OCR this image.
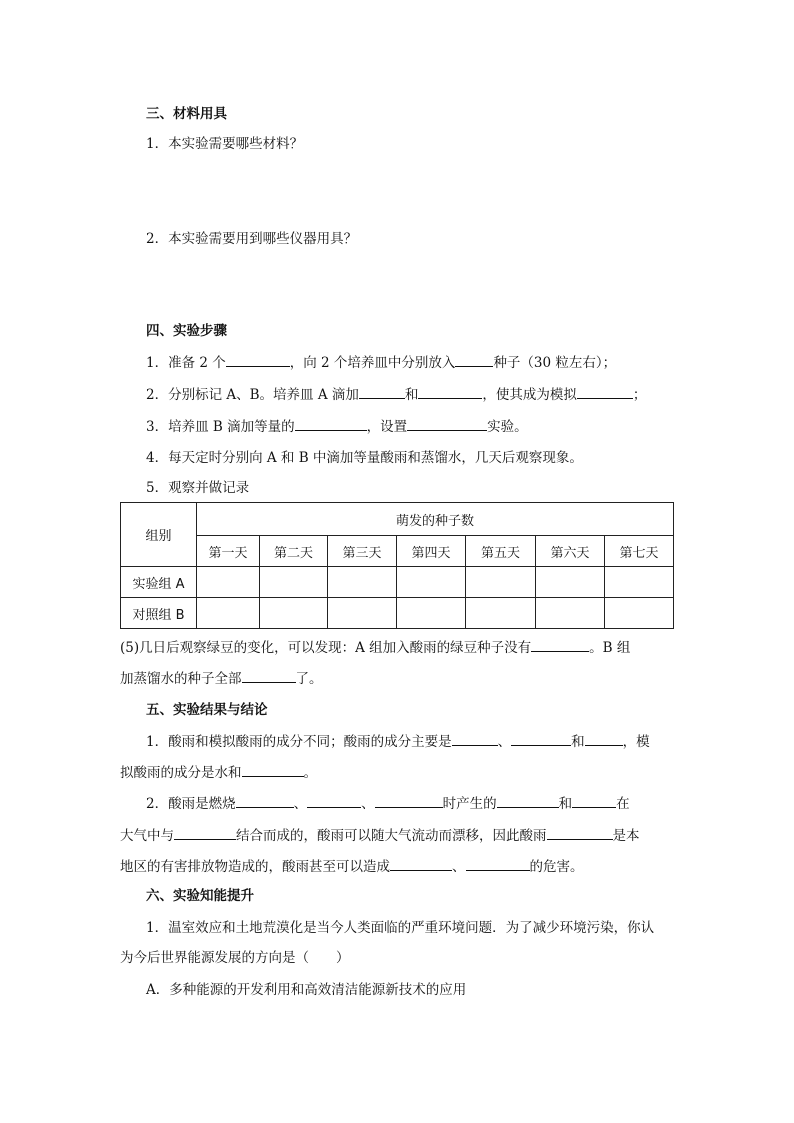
三、材料用具
1．本实验需要哪些材料？
2．本实验需要用到哪些仪器用具？
四、实验步骤
1．准备 2 个	，向 2 个培养皿中分别放入	种子（30 粒左右）；
2．分别标记 A、B。培养皿 A 滴加	和	，使其成为模拟	；
3．培养皿 B 滴加等量的	，设置	实验。
4．每天定时分别向 A 和 B 中滴加等量酸雨和蒸馏水，几天后观察现象。
5．观察并做记录
组别	萌发的种子数						
	第一天	第二天	第三天	第四天	第五天	第六天	第七天
实验组 A							
对照组 B							
(5)几日后观察绿豆的变化，可以发现：A 组加入酸雨的绿豆种子没有	。B 组
加蒸馏水的种子全部	了。
五、实验结果与结论
1．酸雨和模拟酸雨的成分不同；酸雨的成分主要是	、	和	，模
拟酸雨的成分是水和	。
2．酸雨是燃烧	、	、	时产生的	和	在
大气中与	结合而成的，酸雨可以随大气流动而漂移，因此酸雨	是本
地区的有害排放物造成的，酸雨甚至可以造成	、	的危害。
六、实验知能提升
1．温室效应和土地荒漠化是当今人类面临的严重环境问题．为了减少环境污染，你认
为今后世界能源发展的方向是（　　）
A．多种能源的开发利用和高效清洁能源新技术的应用
